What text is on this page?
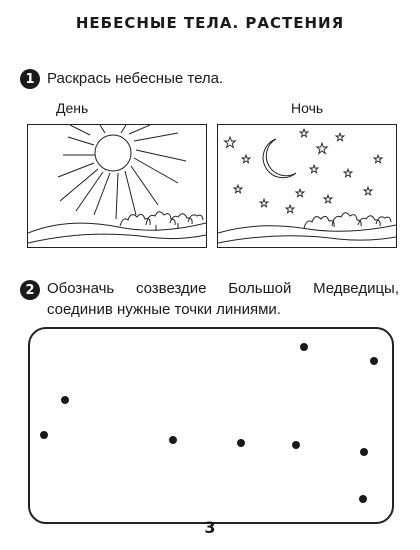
НЕБЕСНЫЕ ТЕЛА. РАСТЕНИЯ
1 Раскрась небесные тела.
День	Ночь
2 Обозначь созвездие Большой Медведицы,
соединив нужные точки линиями.
3
